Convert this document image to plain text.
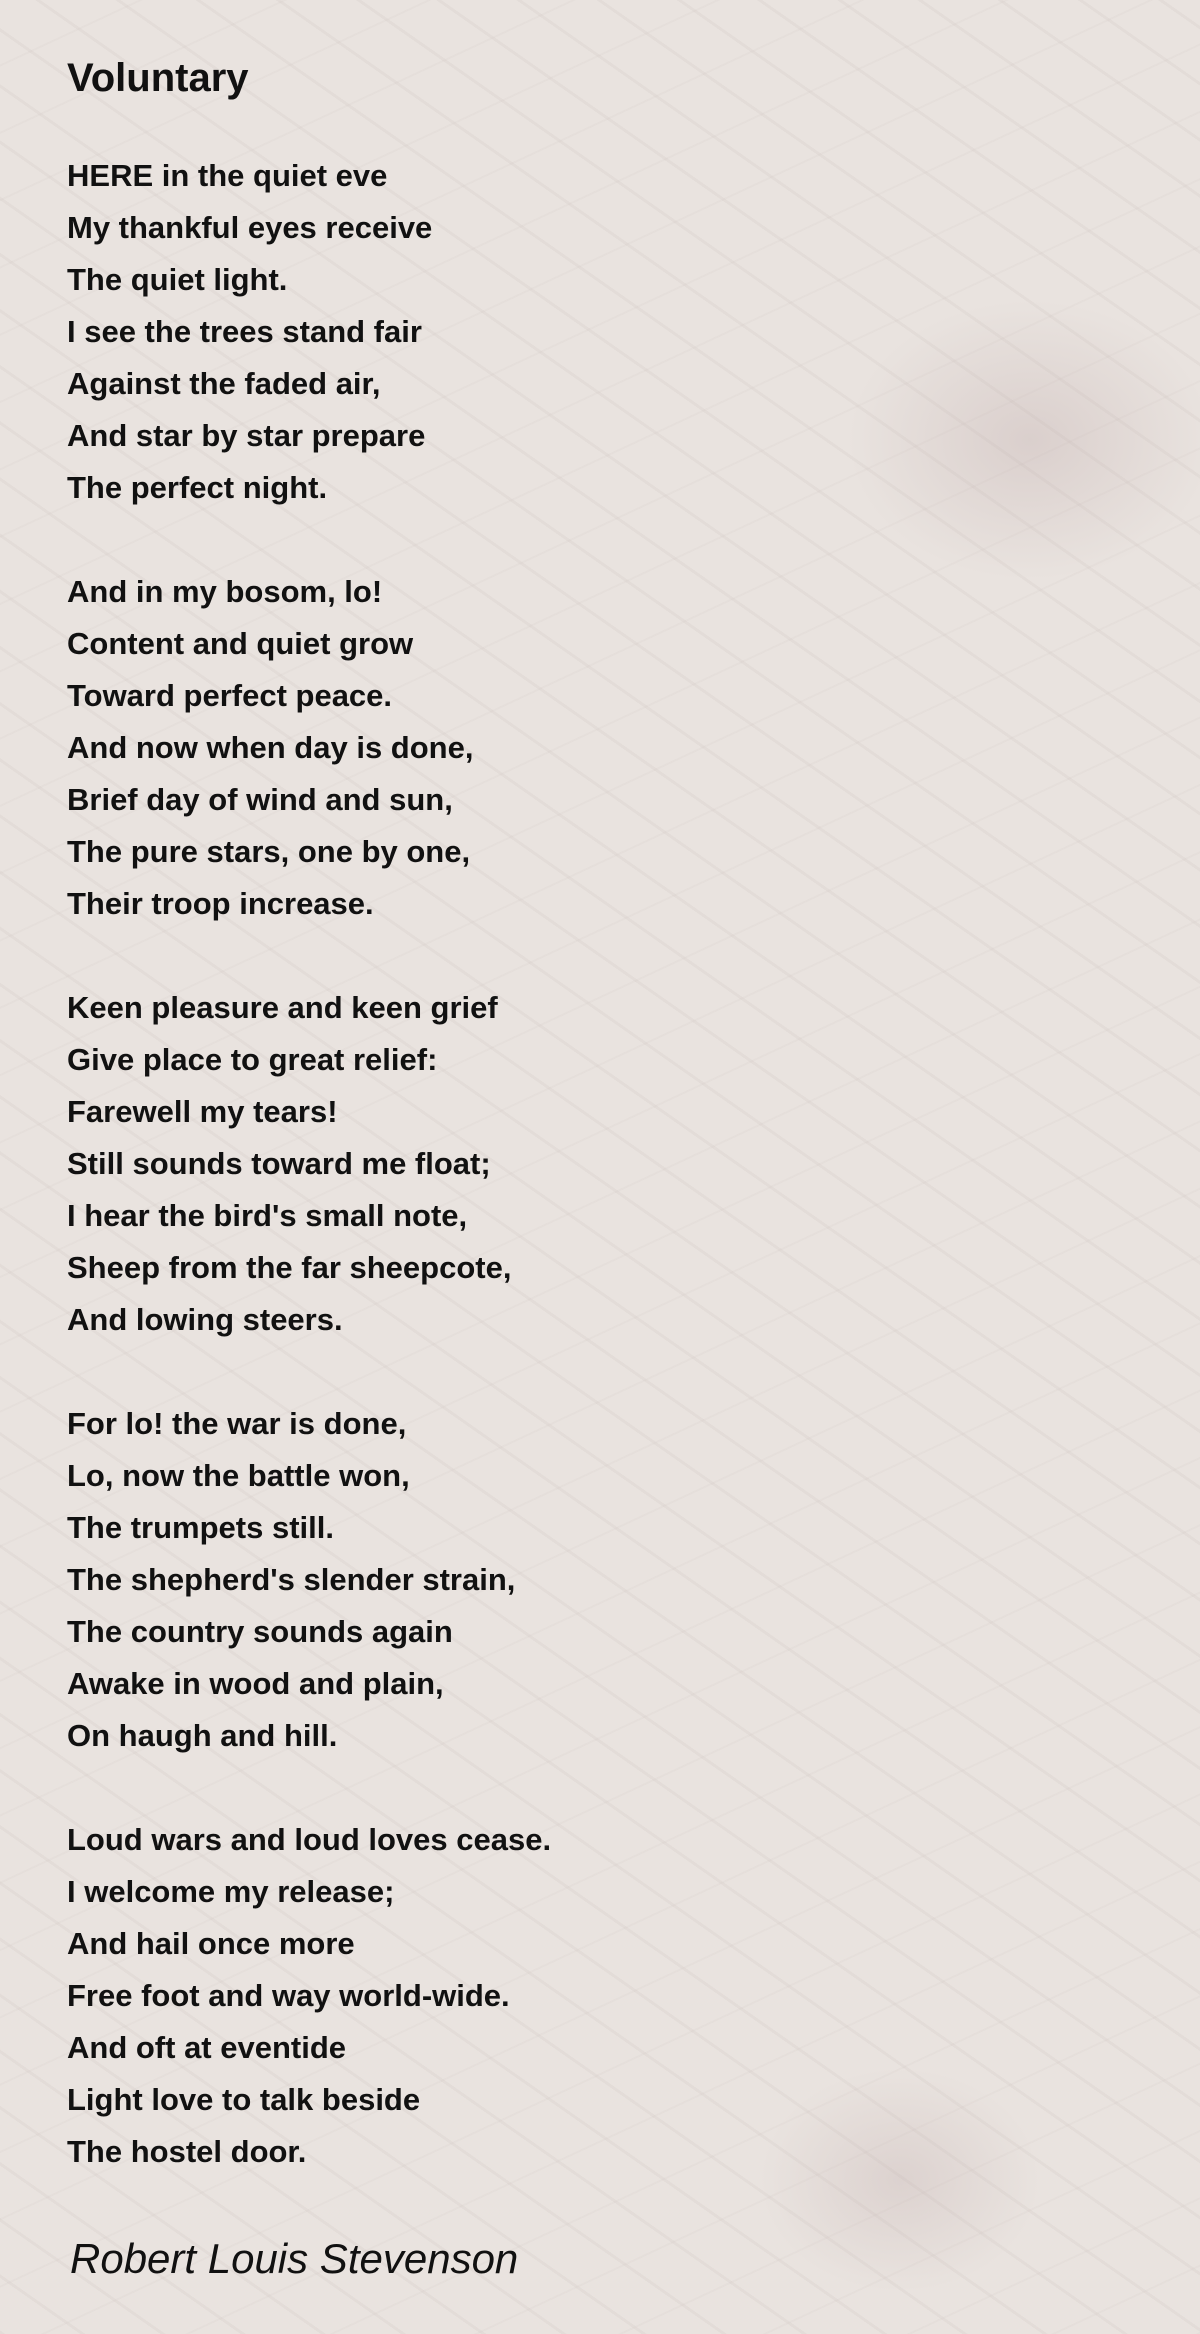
Voluntary
HERE in the quiet eve
My thankful eyes receive
The quiet light.
I see the trees stand fair
Against the faded air,
And star by star prepare
The perfect night.
And in my bosom, lo!
Content and quiet grow
Toward perfect peace.
And now when day is done,
Brief day of wind and sun,
The pure stars, one by one,
Their troop increase.
Keen pleasure and keen grief
Give place to great relief:
Farewell my tears!
Still sounds toward me float;
I hear the bird's small note,
Sheep from the far sheepcote,
And lowing steers.
For lo! the war is done,
Lo, now the battle won,
The trumpets still.
The shepherd's slender strain,
The country sounds again
Awake in wood and plain,
On haugh and hill.
Loud wars and loud loves cease.
I welcome my release;
And hail once more
Free foot and way world-wide.
And oft at eventide
Light love to talk beside
The hostel door.

Robert Louis Stevenson
